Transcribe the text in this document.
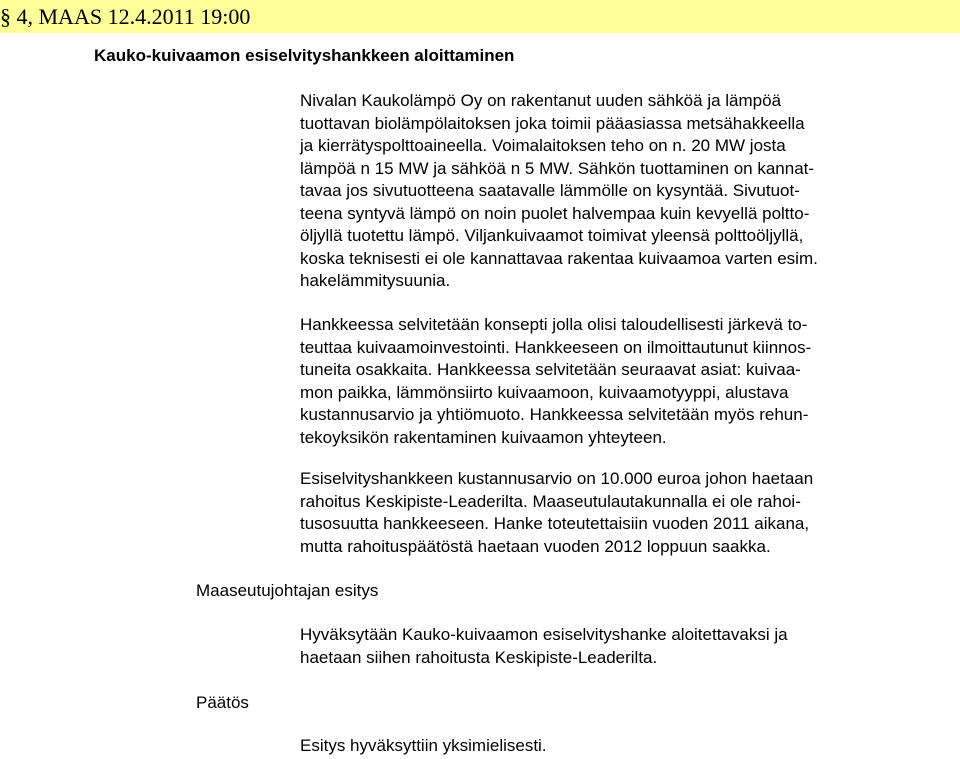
§ 4, MAAS 12.4.2011 19:00
Kauko-kuivaamon esiselvityshankkeen aloittaminen
Nivalan Kaukolämpö Oy on rakentanut uuden sähköä ja lämpöä
tuottavan biolämpölaitoksen joka toimii pääasiassa metsähakkeella
ja kierrätyspolttoaineella. Voimalaitoksen teho on n. 20 MW josta
lämpöä n 15 MW ja sähköä n 5 MW. Sähkön tuottaminen on kannat-
tavaa jos sivutuotteena saatavalle lämmölle on kysyntää. Sivutuot-
teena syntyvä lämpö on noin puolet halvempaa kuin kevyellä poltto-
öljyllä tuotettu lämpö. Viljankuivaamot toimivat yleensä polttoöljyllä,
koska teknisesti ei ole kannattavaa rakentaa kuivaamoa varten esim.
hakelämmitysuunia.
Hankkeessa selvitetään konsepti jolla olisi taloudellisesti järkevä to-
teuttaa kuivaamoinvestointi. Hankkeeseen on ilmoittautunut kiinnos-
tuneita osakkaita. Hankkeessa selvitetään seuraavat asiat: kuivaa-
mon paikka, lämmönsiirto kuivaamoon, kuivaamotyyppi, alustava
kustannusarvio ja yhtiömuoto. Hankkeessa selvitetään myös rehun-
tekoyksikön rakentaminen kuivaamon yhteyteen.
Esiselvityshankkeen kustannusarvio on 10.000 euroa johon haetaan
rahoitus Keskipiste-Leaderilta. Maaseutulautakunnalla ei ole rahoi-
tusosuutta hankkeeseen. Hanke toteutettaisiin vuoden 2011 aikana,
mutta rahoituspäätöstä haetaan vuoden 2012 loppuun saakka.
Maaseutujohtajan esitys
Hyväksytään Kauko-kuivaamon esiselvityshanke aloitettavaksi ja
haetaan siihen rahoitusta Keskipiste-Leaderilta.
Päätös
Esitys hyväksyttiin yksimielisesti.
